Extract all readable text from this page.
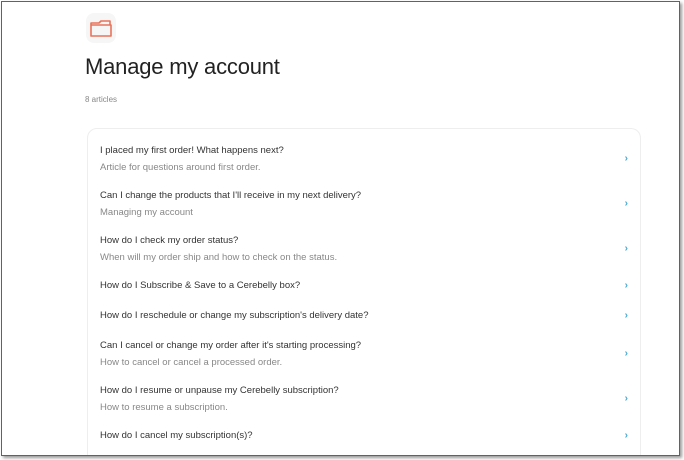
Manage my account
8 articles
I placed my first order! What happens next?
Article for questions around first order.
›
Can I change the products that I'll receive in my next delivery?
Managing my account
›
How do I check my order status?
When will my order ship and how to check on the status.
›
How do I Subscribe & Save to a Cerebelly box?	›
How do I reschedule or change my subscription's delivery date?	›
Can I cancel or change my order after it's starting processing?
How to cancel or cancel a processed order.
›
How do I resume or unpause my Cerebelly subscription?
How to resume a subscription.
›
How do I cancel my subscription(s)?	›
